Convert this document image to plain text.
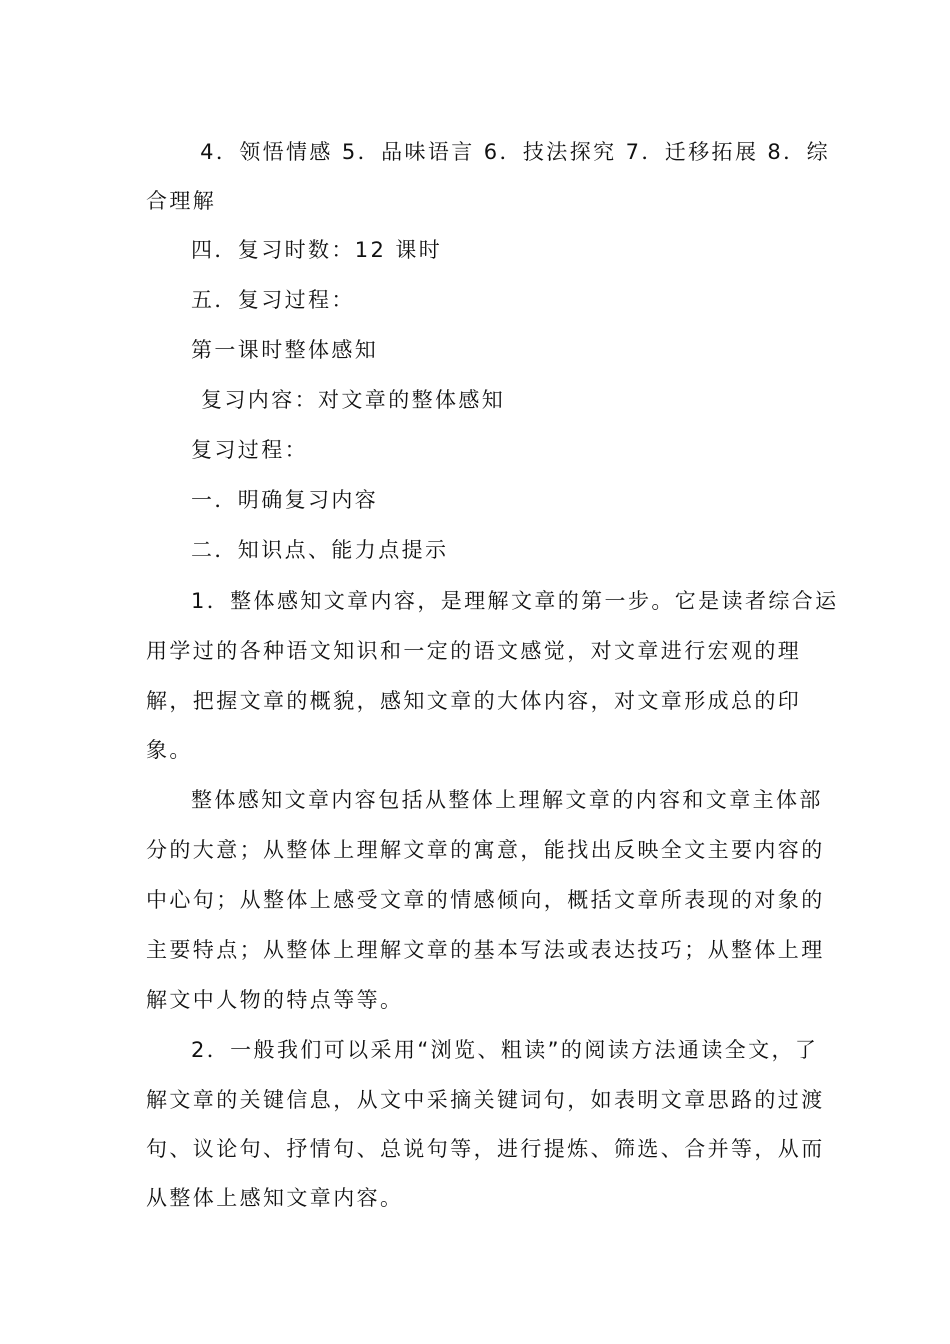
4．领悟情感 5．品味语言 6．技法探究 7．迁移拓展 8．综
合理解
四．复习时数：12 课时
五．复习过程：
第一课时整体感知
复习内容：对文章的整体感知
复习过程：
一．明确复习内容
二．知识点、能力点提示
1．整体感知文章内容，是理解文章的第一步。它是读者综合运
用学过的各种语文知识和一定的语文感觉，对文章进行宏观的理
解，把握文章的概貌，感知文章的大体内容，对文章形成总的印
象。
整体感知文章内容包括从整体上理解文章的内容和文章主体部
分的大意；从整体上理解文章的寓意，能找出反映全文主要内容的
中心句；从整体上感受文章的情感倾向，概括文章所表现的对象的
主要特点；从整体上理解文章的基本写法或表达技巧；从整体上理
解文中人物的特点等等。
2．一般我们可以采用“浏览、粗读”的阅读方法通读全文，了
解文章的关键信息，从文中采摘关键词句，如表明文章思路的过渡
句、议论句、抒情句、总说句等，进行提炼、筛选、合并等，从而
从整体上感知文章内容。
